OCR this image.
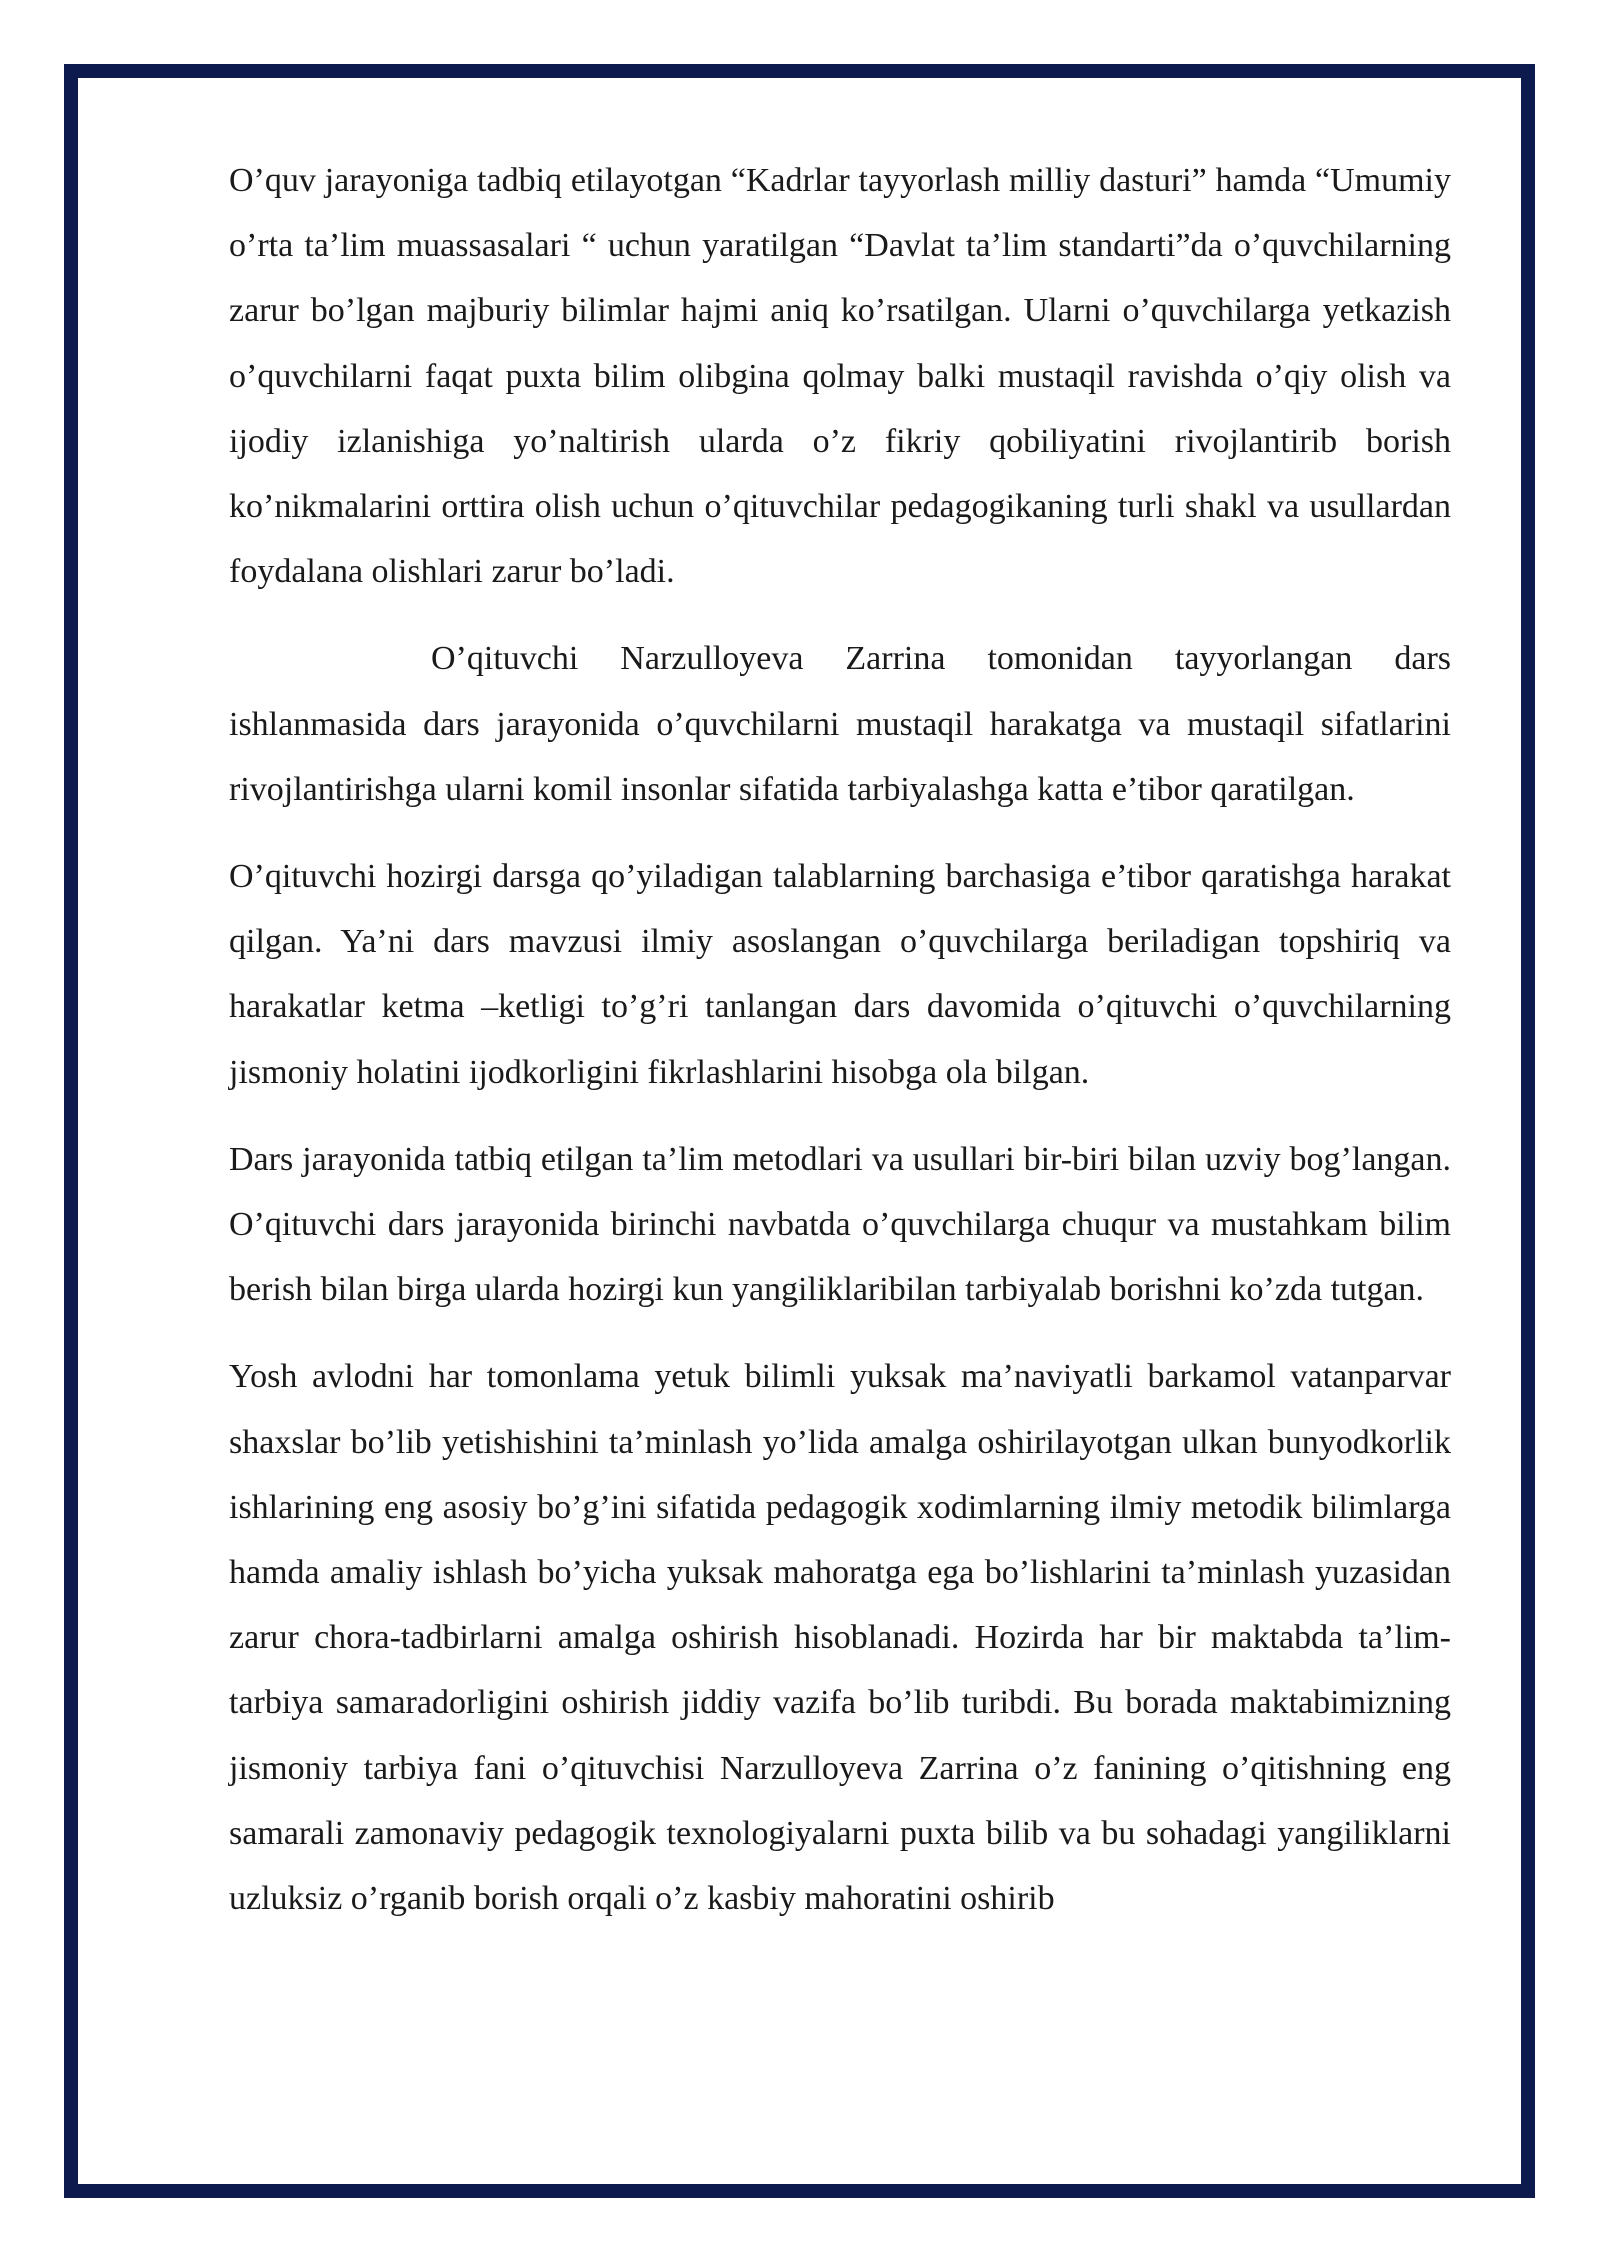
O’quv jarayoniga tadbiq etilayotgan “Kadrlar tayyorlash milliy dasturi” hamda “Umumiy o’rta ta’lim muassasalari “ uchun yaratilgan “Davlat ta’lim standarti”da o’quvchilarning zarur bo’lgan majburiy bilimlar hajmi aniq ko’rsatilgan. Ularni o’quvchilarga yetkazish o’quvchilarni faqat puxta bilim olibgina qolmay balki mustaqil ravishda o’qiy olish va ijodiy izlanishiga yo’naltirish ularda o’z fikriy qobiliyatini rivojlantirib borish ko’nikmalarini orttira olish uchun o’qituvchilar pedagogikaning turli shakl va usullardan foydalana olishlari zarur bo’ladi.

O’qituvchi Narzulloyeva Zarrina tomonidan tayyorlangan dars ishlanmasida dars jarayonida o’quvchilarni mustaqil harakatga va mustaqil sifatlarini rivojlantirishga ularni komil insonlar sifatida tarbiyalashga katta e’tibor qaratilgan.

O’qituvchi hozirgi darsga qo’yiladigan talablarning barchasiga e’tibor qaratishga harakat qilgan. Ya’ni dars mavzusi ilmiy asoslangan o’quvchilarga beriladigan topshiriq va harakatlar ketma –ketligi to’g’ri tanlangan dars davomida o’qituvchi o’quvchilarning jismoniy holatini ijodkorligini fikrlashlarini hisobga ola bilgan.

Dars jarayonida tatbiq etilgan ta’lim metodlari va usullari bir-biri bilan uzviy bog’langan. O’qituvchi dars jarayonida birinchi navbatda o’quvchilarga chuqur va mustahkam bilim berish bilan birga ularda hozirgi kun yangiliklaribilan tarbiyalab borishni ko’zda tutgan.

Yosh avlodni har tomonlama yetuk bilimli yuksak ma’naviyatli barkamol vatanparvar shaxslar bo’lib yetishishini ta’minlash yo’lida amalga oshirilayotgan ulkan bunyodkorlik ishlarining eng asosiy bo’g’ini sifatida pedagogik xodimlarning ilmiy metodik bilimlarga hamda amaliy ishlash bo’yicha yuksak mahoratga ega bo’lishlarini ta’minlash yuzasidan zarur chora-tadbirlarni amalga oshirish hisoblanadi. Hozirda har bir maktabda ta’lim-tarbiya samaradorligini oshirish jiddiy vazifa bo’lib turibdi. Bu borada maktabimizning jismoniy tarbiya fani o’qituvchisi Narzulloyeva Zarrina o’z fanining o’qitishning eng samarali zamonaviy pedagogik texnologiyalarni puxta bilib va bu sohadagi yangiliklarni uzluksiz o’rganib borish orqali o’z kasbiy mahoratini oshirib
